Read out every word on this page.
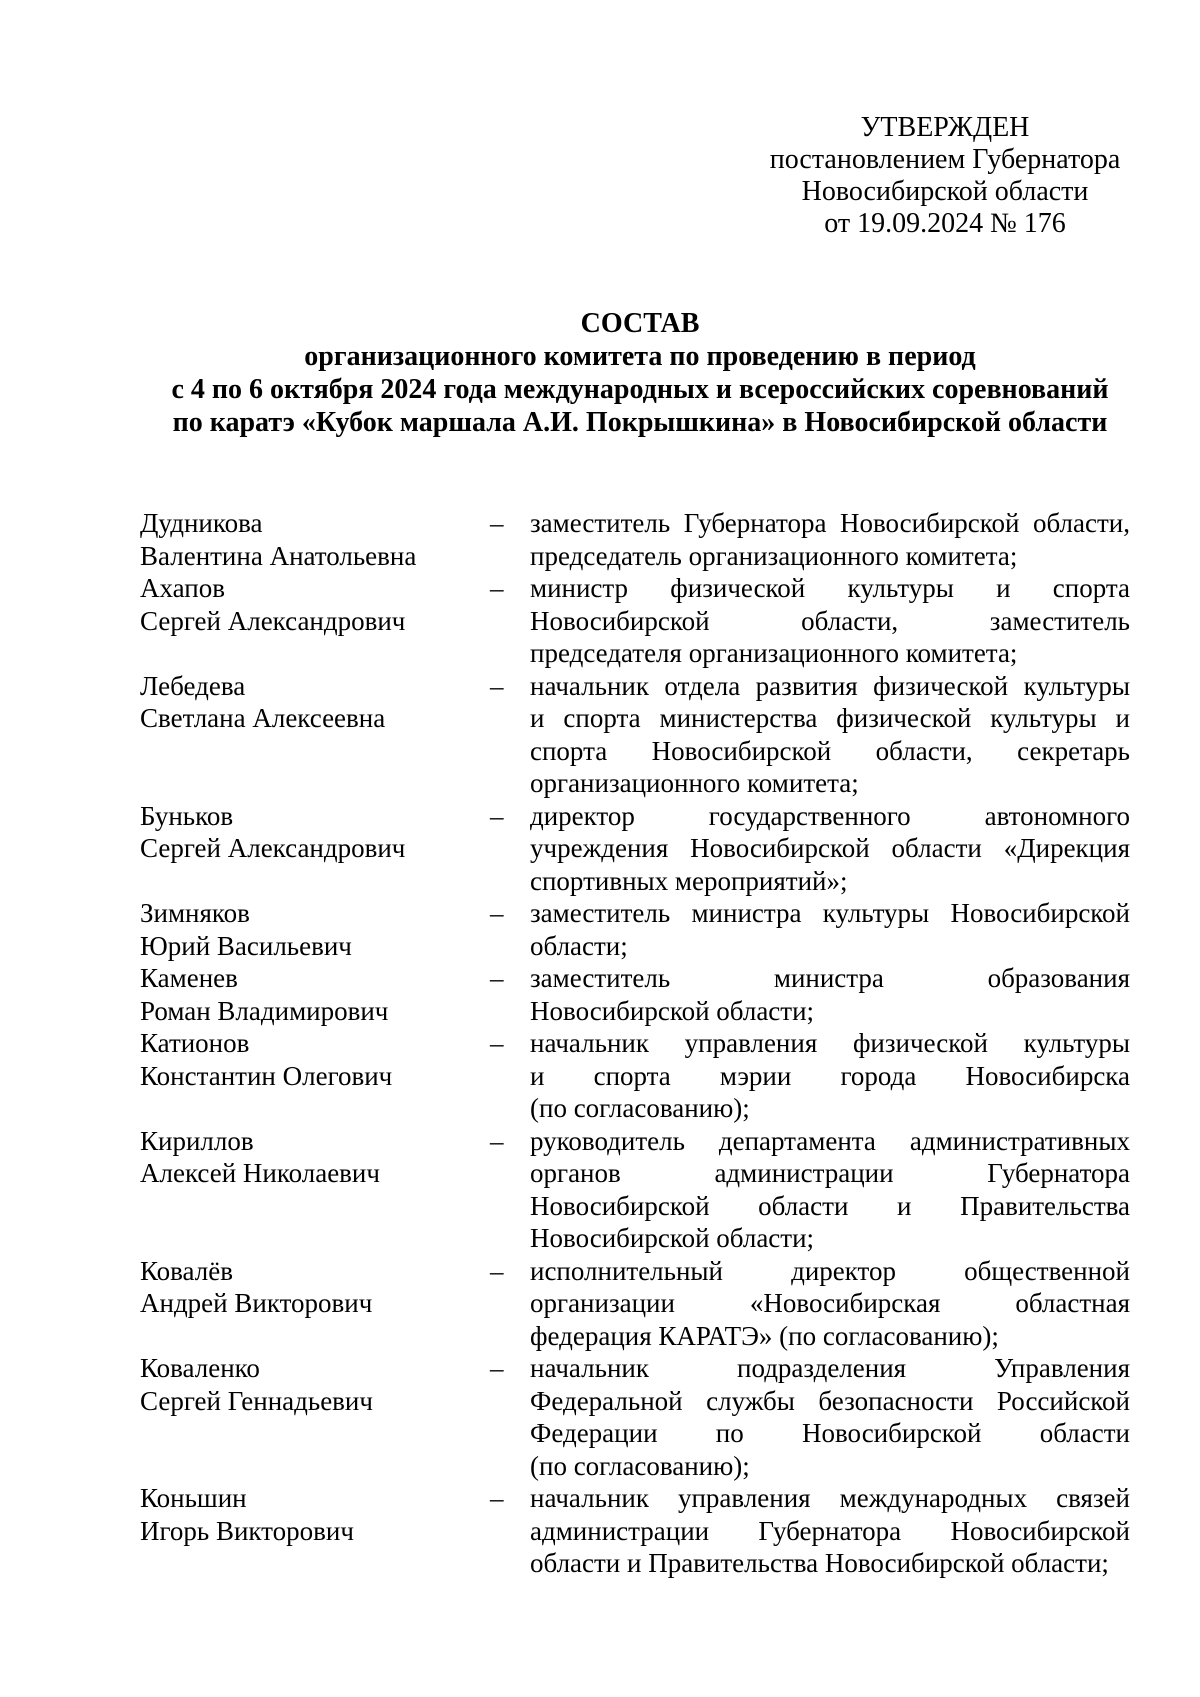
УТВЕРЖДЕН
постановлением Губернатора
Новосибирской области
от 19.09.2024 № 176
СОСТАВ
организационного комитета по проведению в период
с 4 по 6 октября 2024 года международных и всероссийских соревнований
по каратэ «Кубок маршала А.И. Покрышкина» в Новосибирской области
Дудникова
Валентина Анатольевна
– заместитель Губернатора Новосибирской области,
председатель организационного комитета;
Ахапов
Сергей Александрович
– министр физической культуры и спорта
Новосибирской области, заместитель
председателя организационного комитета;
Лебедева
Светлана Алексеевна
– начальник отдела развития физической культуры
и спорта министерства физической культуры и
спорта Новосибирской области, секретарь
организационного комитета;
Буньков
Сергей Александрович
– директор государственного автономного
учреждения Новосибирской области «Дирекция
спортивных мероприятий»;
Зимняков
Юрий Васильевич
– заместитель министра культуры Новосибирской
области;
Каменев
Роман Владимирович
– заместитель министра образования
Новосибирской области;
Катионов
Константин Олегович
– начальник управления физической культуры
и спорта мэрии города Новосибирска
(по согласованию);
Кириллов
Алексей Николаевич
– руководитель департамента административных
органов администрации Губернатора
Новосибирской области и Правительства
Новосибирской области;
Ковалёв
Андрей Викторович
– исполнительный директор общественной
организации «Новосибирская областная
федерация КАРАТЭ» (по согласованию);
Коваленко
Сергей Геннадьевич
– начальник подразделения Управления
Федеральной службы безопасности Российской
Федерации по Новосибирской области
(по согласованию);
Коньшин
Игорь Викторович
– начальник управления международных связей
администрации Губернатора Новосибирской
области и Правительства Новосибирской области;
